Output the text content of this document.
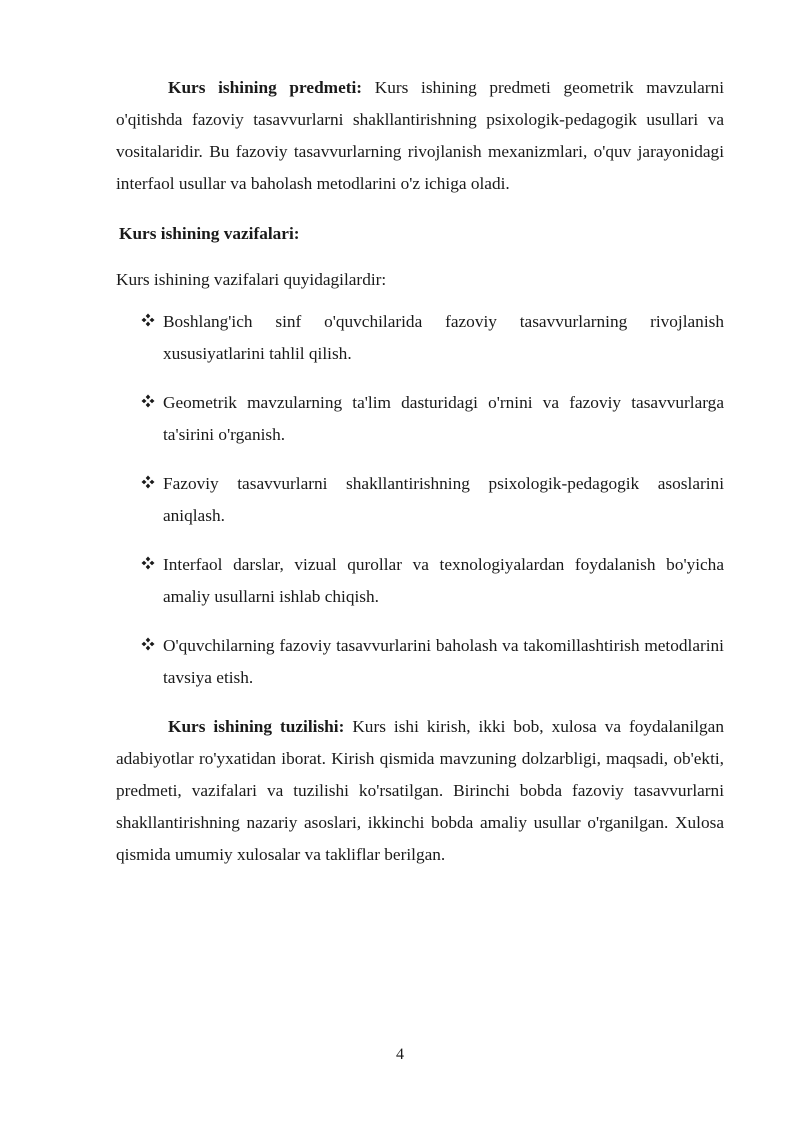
Kurs ishining predmeti: Kurs ishining predmeti geometrik mavzularni o'qitishda fazoviy tasavvurlarni shakllantirishning psixologik-pedagogik usullari va vositalaridir. Bu fazoviy tasavvurlarning rivojlanish mexanizmlari, o'quv jarayonidagi interfaol usullar va baholash metodlarini o'z ichiga oladi.

Kurs ishining vazifalari:

Kurs ishining vazifalari quyidagilardir:

Boshlang'ich sinf o'quvchilarida fazoviy tasavvurlarning rivojlanish xususiyatlarini tahlil qilish.
Geometrik mavzularning ta'lim dasturidagi o'rnini va fazoviy tasavvurlarga ta'sirini o'rganish.
Fazoviy tasavvurlarni shakllantirishning psixologik-pedagogik asoslarini aniqlash.
Interfaol darslar, vizual qurollar va texnologiyalardan foydalanish bo'yicha amaliy usullarni ishlab chiqish.
O'quvchilarning fazoviy tasavvurlarini baholash va takomillashtirish metodlarini tavsiya etish.

Kurs ishining tuzilishi: Kurs ishi kirish, ikki bob, xulosa va foydalanilgan adabiyotlar ro'yxatidan iborat. Kirish qismida mavzuning dolzarbligi, maqsadi, ob'ekti, predmeti, vazifalari va tuzilishi ko'rsatilgan. Birinchi bobda fazoviy tasavvurlarni shakllantirishning nazariy asoslari, ikkinchi bobda amaliy usullar o'rganilgan. Xulosa qismida umumiy xulosalar va takliflar berilgan.

4
